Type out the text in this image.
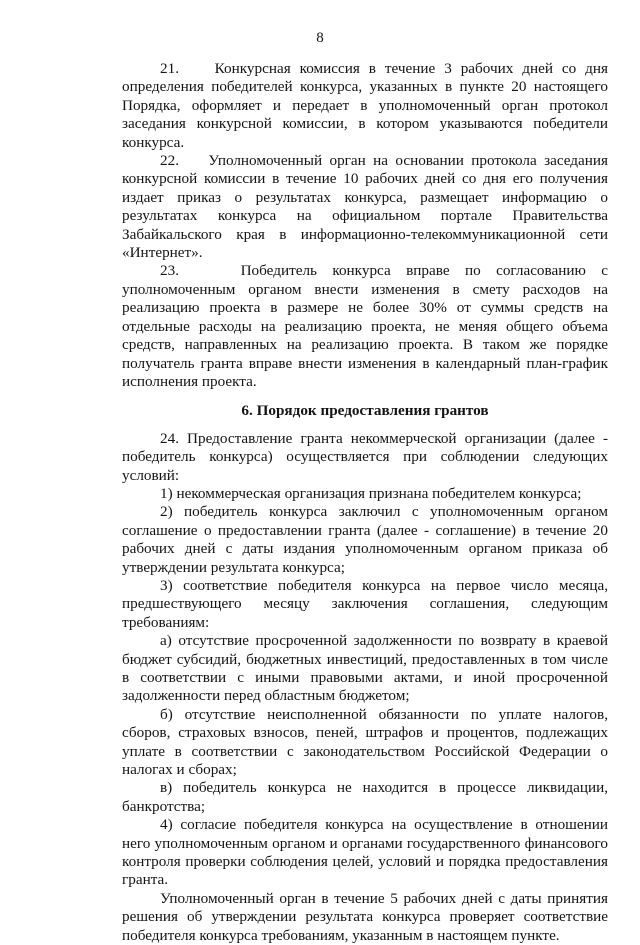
8

21.    Конкурсная комиссия в течение 3 рабочих дней со дня определения победителей конкурса, указанных в пункте 20 настоящего Порядка, оформляет и передает в уполномоченный орган протокол заседания конкурсной комиссии, в котором указываются победители конкурса.

22.    Уполномоченный орган на основании протокола заседания конкурсной комиссии в течение 10 рабочих дней со дня его получения издает приказ о результатах конкурса, размещает информацию о результатах конкурса на официальном портале Правительства Забайкальского края в информационно-телекоммуникационной сети «Интернет».

23.    Победитель конкурса вправе по согласованию с уполномоченным органом внести изменения в смету расходов на реализацию проекта в размере не более 30% от суммы средств на отдельные расходы на реализацию проекта, не меняя общего объема средств, направленных на реализацию проекта. В таком же порядке получатель гранта вправе внести изменения в календарный план-график исполнения проекта.

6. Порядок предоставления грантов

24. Предоставление гранта некоммерческой организации (далее - победитель конкурса) осуществляется при соблюдении следующих условий:

1) некоммерческая организация признана победителем конкурса;

2) победитель конкурса заключил с уполномоченным органом соглашение о предоставлении гранта (далее - соглашение) в течение 20 рабочих дней с даты издания уполномоченным органом приказа об утверждении результата конкурса;

3) соответствие победителя конкурса на первое число месяца, предшествующего месяцу заключения соглашения, следующим требованиям:

а) отсутствие просроченной задолженности по возврату в краевой бюджет субсидий, бюджетных инвестиций, предоставленных в том числе в соответствии с иными правовыми актами, и иной просроченной задолженности перед областным бюджетом;

б) отсутствие неисполненной обязанности по уплате налогов, сборов, страховых взносов, пеней, штрафов и процентов, подлежащих уплате в соответствии с законодательством Российской Федерации о налогах и сборах;

в) победитель конкурса не находится в процессе ликвидации, банкротства;

4) согласие победителя конкурса на осуществление в отношении него уполномоченным органом и органами государственного финансового контроля проверки соблюдения целей, условий и порядка предоставления гранта.

Уполномоченный орган в течение 5 рабочих дней с даты принятия решения об утверждении результата конкурса проверяет соответствие победителя конкурса требованиям, указанным в настоящем пункте.
